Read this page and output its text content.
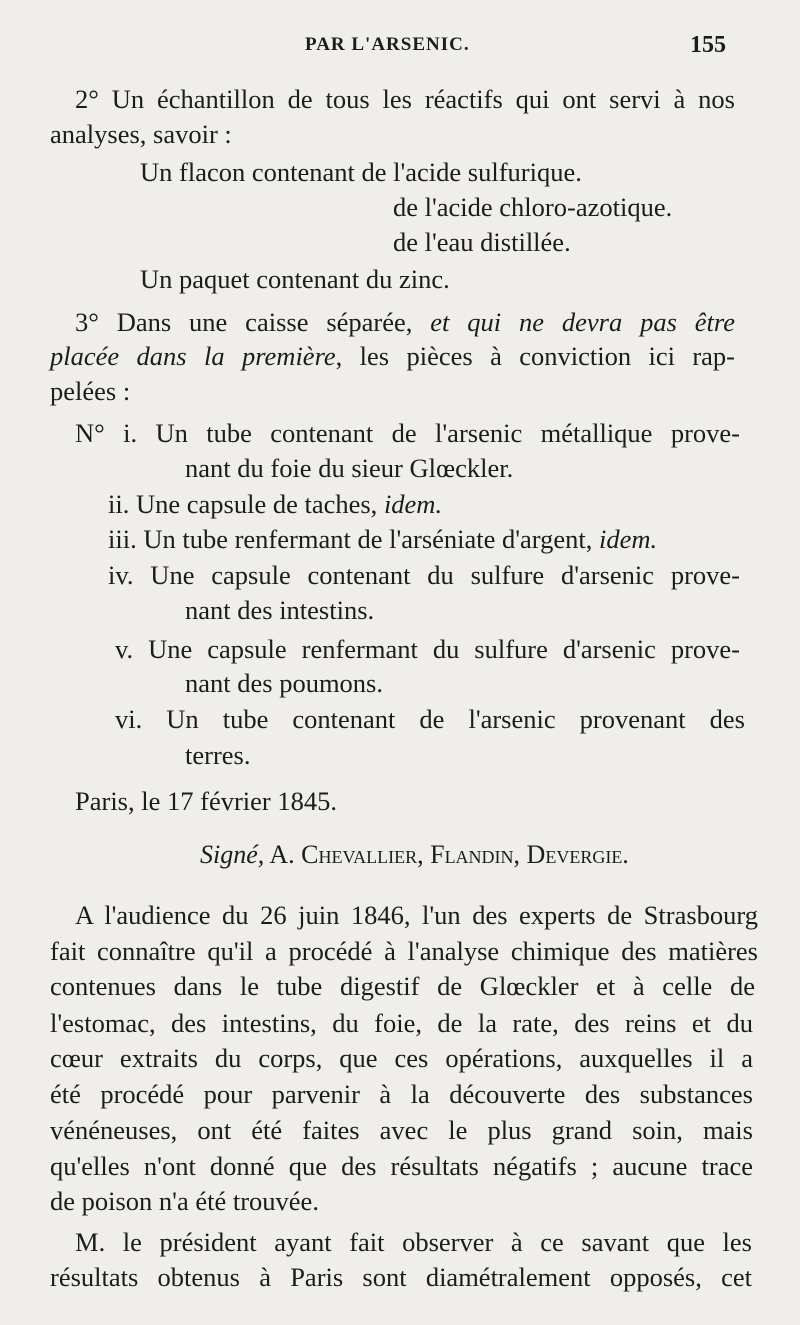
PAR L'ARSENIC.	155
2° Un échantillon de tous les réactifs qui ont servi à nos
analyses, savoir :
Un flacon contenant de l'acide sulfurique.
de l'acide chloro-azotique.
de l'eau distillée.
Un paquet contenant du zinc.
3° Dans une caisse séparée, et qui ne devra pas être
placée dans la première, les pièces à conviction ici rap-
pelées :
N° i. Un tube contenant de l'arsenic métallique prove-
nant du foie du sieur Glœckler.
ii. Une capsule de taches, idem.
iii. Un tube renfermant de l'arséniate d'argent, idem.
iv. Une capsule contenant du sulfure d'arsenic prove-
nant des intestins.
v. Une capsule renfermant du sulfure d'arsenic prove-
nant des poumons.
vi. Un tube contenant de l'arsenic provenant des
terres.
Paris, le 17 février 1845.
Signé, A. Chevallier, Flandin, Devergie.
A l'audience du 26 juin 1846, l'un des experts de Strasbourg
fait connaître qu'il a procédé à l'analyse chimique des matières
contenues dans le tube digestif de Glœckler et à celle de
l'estomac, des intestins, du foie, de la rate, des reins et du
cœur extraits du corps, que ces opérations, auxquelles il a
été procédé pour parvenir à la découverte des substances
vénéneuses, ont été faites avec le plus grand soin, mais
qu'elles n'ont donné que des résultats négatifs ; aucune trace
de poison n'a été trouvée.
M. le président ayant fait observer à ce savant que les
résultats obtenus à Paris sont diamétralement opposés, cet
